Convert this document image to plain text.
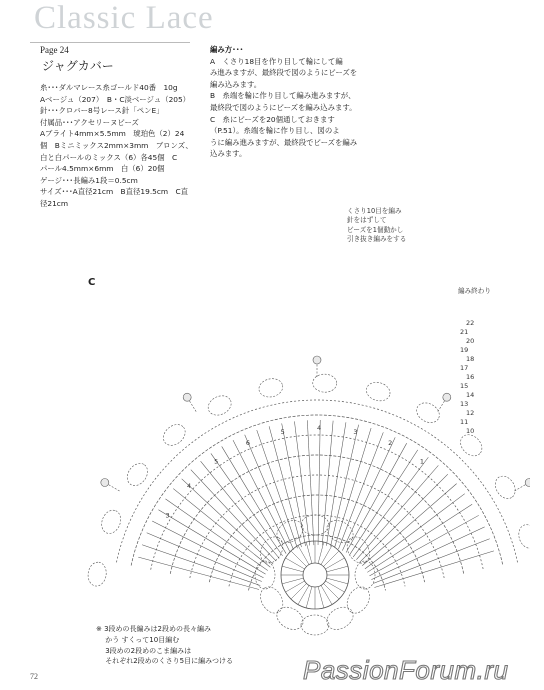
Classic Lace
Page 24
ジャグカバー
糸･･･ダルマレース糸ゴールド40番　10g
Aベージュ（207）　B・C淡ベージュ（205）
針･･･クロバー8号レース針「ペンE」
付属品･･･アクセリーヌビーズ
Aブライト4mm×5.5mm　琥珀色（2）24
個　Bミニミックス2mm×3mm　ブロンズ、
白と白パールのミックス（6）各45個　C
パール4.5mm×6mm　白（6）20個
ゲージ･･･長編み1段＝0.5cm
サイズ･･･A直径21cm　B直径19.5cm　C直
径21cm
編み方･･･
A　くさり18目を作り目して輪にして編
み進みますが、最終段で図のようにビーズを
編み込みます。
B　糸端を輪に作り目して編み進みますが、
最終段で図のようにビーズを編み込みます。
C　糸にビーズを20個通しておきます
（P.51）。糸端を輪に作り目し、図のよ
うに編み進みますが、最終段でビーズを編み
込みます。
C
くさり10目を編み
針をはずして
ビーズを1個動かし
引き抜き編みをする
編み終わり
3
4
5
6
5	4	3
2
1
22
21
20
19
18
17
16
15
14
13
12
11
10
※ 3段めの長編みは2段めの長々編み
　 かう すくって10目編む
　 3段めの2段めのこま編みは
　 それぞれ2段めのくさり5目に編みつける
72	PassionForum.ru
